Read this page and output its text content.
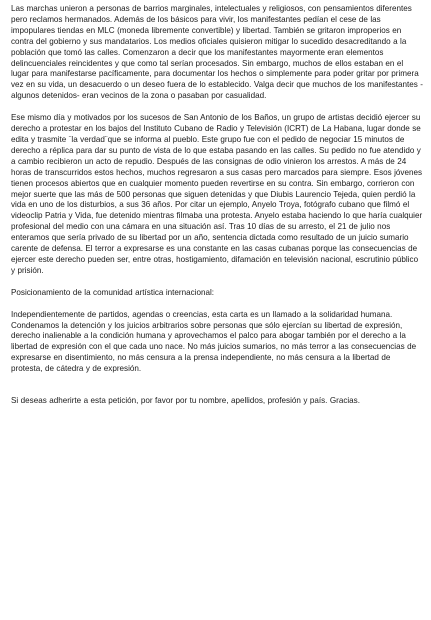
Las marchas unieron a personas de barrios marginales, intelectuales y religiosos, con pensamientos diferentes pero reclamos hermanados. Además de los básicos para vivir, los manifestantes pedían el cese de las impopulares tiendas en MLC (moneda libremente convertible) y libertad. También se gritaron improperios en contra del gobierno y sus mandatarios. Los medios oficiales quisieron mitigar lo sucedido desacreditando a la población que tomó las calles. Comenzaron a decir que los manifestantes mayormente eran elementos delincuenciales reincidentes y que como tal serían procesados. Sin embargo, muchos de ellos estaban en el lugar para manifestarse pacíficamente, para documentar los hechos o simplemente para poder gritar por primera vez en su vida, un desacuerdo o un deseo fuera de lo establecido. Valga decir que muchos de los manifestantes -algunos detenidos- eran vecinos de la zona o pasaban por casualidad.

Ese mismo día y motivados por los sucesos de San Antonio de los Baños, un grupo de artistas decidió ejercer su derecho a protestar en los bajos del Instituto Cubano de Radio y Televisión (ICRT) de La Habana, lugar donde se edita y trasmite ¨la verdad¨que se informa al pueblo. Este grupo fue con el pedido de negociar 15 minutos de derecho a réplica para dar su punto de vista de lo que estaba pasando en las calles. Su pedido no fue atendido y a cambio recibieron un acto de repudio. Después de las consignas de odio vinieron los arrestos. A más de 24 horas de transcurridos estos hechos, muchos regresaron a sus casas pero marcados para siempre. Esos jóvenes tienen procesos abiertos que en cualquier momento pueden revertirse en su contra. Sin embargo, corrieron con mejor suerte que las más de 500 personas que siguen detenidas y que Diubis Laurencio Tejeda, quien perdió la vida en uno de los disturbios, a sus 36 años. Por citar un ejemplo, Anyelo Troya, fotógrafo cubano que filmó el videoclip Patria y Vida, fue detenido mientras filmaba una protesta. Anyelo estaba haciendo lo que haría cualquier profesional del medio con una cámara en una situación así. Tras 10 días de su arresto, el 21 de julio nos enteramos que sería privado de su libertad por un año, sentencia dictada como resultado de un juicio sumario carente de defensa. El terror a expresarse es una constante en las casas cubanas porque las consecuencias de ejercer este derecho pueden ser, entre otras, hostigamiento, difamación en televisión nacional, escrutinio público y prisión.

Posicionamiento de la comunidad artística internacional:

Independientemente de partidos, agendas o creencias, esta carta es un llamado a la solidaridad humana.

Condenamos la detención y los juicios arbitrarios sobre personas que sólo ejercían su libertad de expresión, derecho inalienable a la condición humana y aprovechamos el palco para abogar también por el derecho a la libertad de expresión con el que cada uno nace. No más juicios sumarios, no más terror a las consecuencias de expresarse en disentimiento, no más censura a la prensa independiente, no más censura a la libertad de protesta, de cátedra y de expresión.

Si deseas adherirte a esta petición, por favor por tu nombre, apellidos, profesión y país. Gracias.
